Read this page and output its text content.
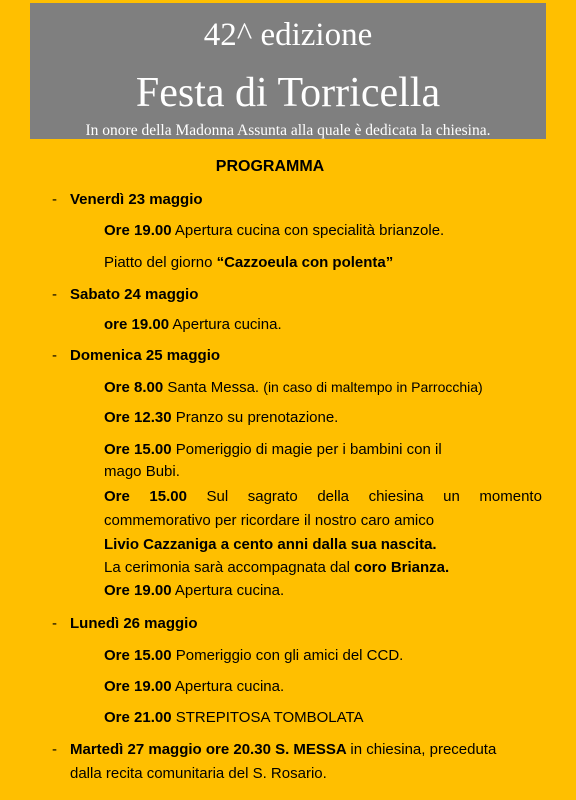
42^ edizione
Festa di Torricella
In onore della Madonna Assunta alla quale è dedicata la chiesina.
PROGRAMMA
- Venerdì 23 maggio
Ore 19.00 Apertura cucina con specialità brianzole.
Piatto del giorno “Cazzoeula con polenta”
- Sabato 24 maggio
ore 19.00 Apertura cucina.
- Domenica 25 maggio
Ore 8.00 Santa Messa. (in caso di maltempo in Parrocchia)
Ore 12.30 Pranzo su prenotazione.
Ore 15.00 Pomeriggio di magie per i bambini con il
mago Bubi.
Ore 15.00 Sul sagrato della chiesina un momento
commemorativo per ricordare il nostro caro amico
Livio Cazzaniga a cento anni dalla sua nascita.
La cerimonia sarà accompagnata dal coro Brianza.
Ore 19.00 Apertura cucina.
- Lunedì 26 maggio
Ore 15.00 Pomeriggio con gli amici del CCD.
Ore 19.00 Apertura cucina.
Ore 21.00 STREPITOSA TOMBOLATA
- Martedì 27 maggio ore 20.30 S. MESSA in chiesina, preceduta
dalla recita comunitaria del S. Rosario.
